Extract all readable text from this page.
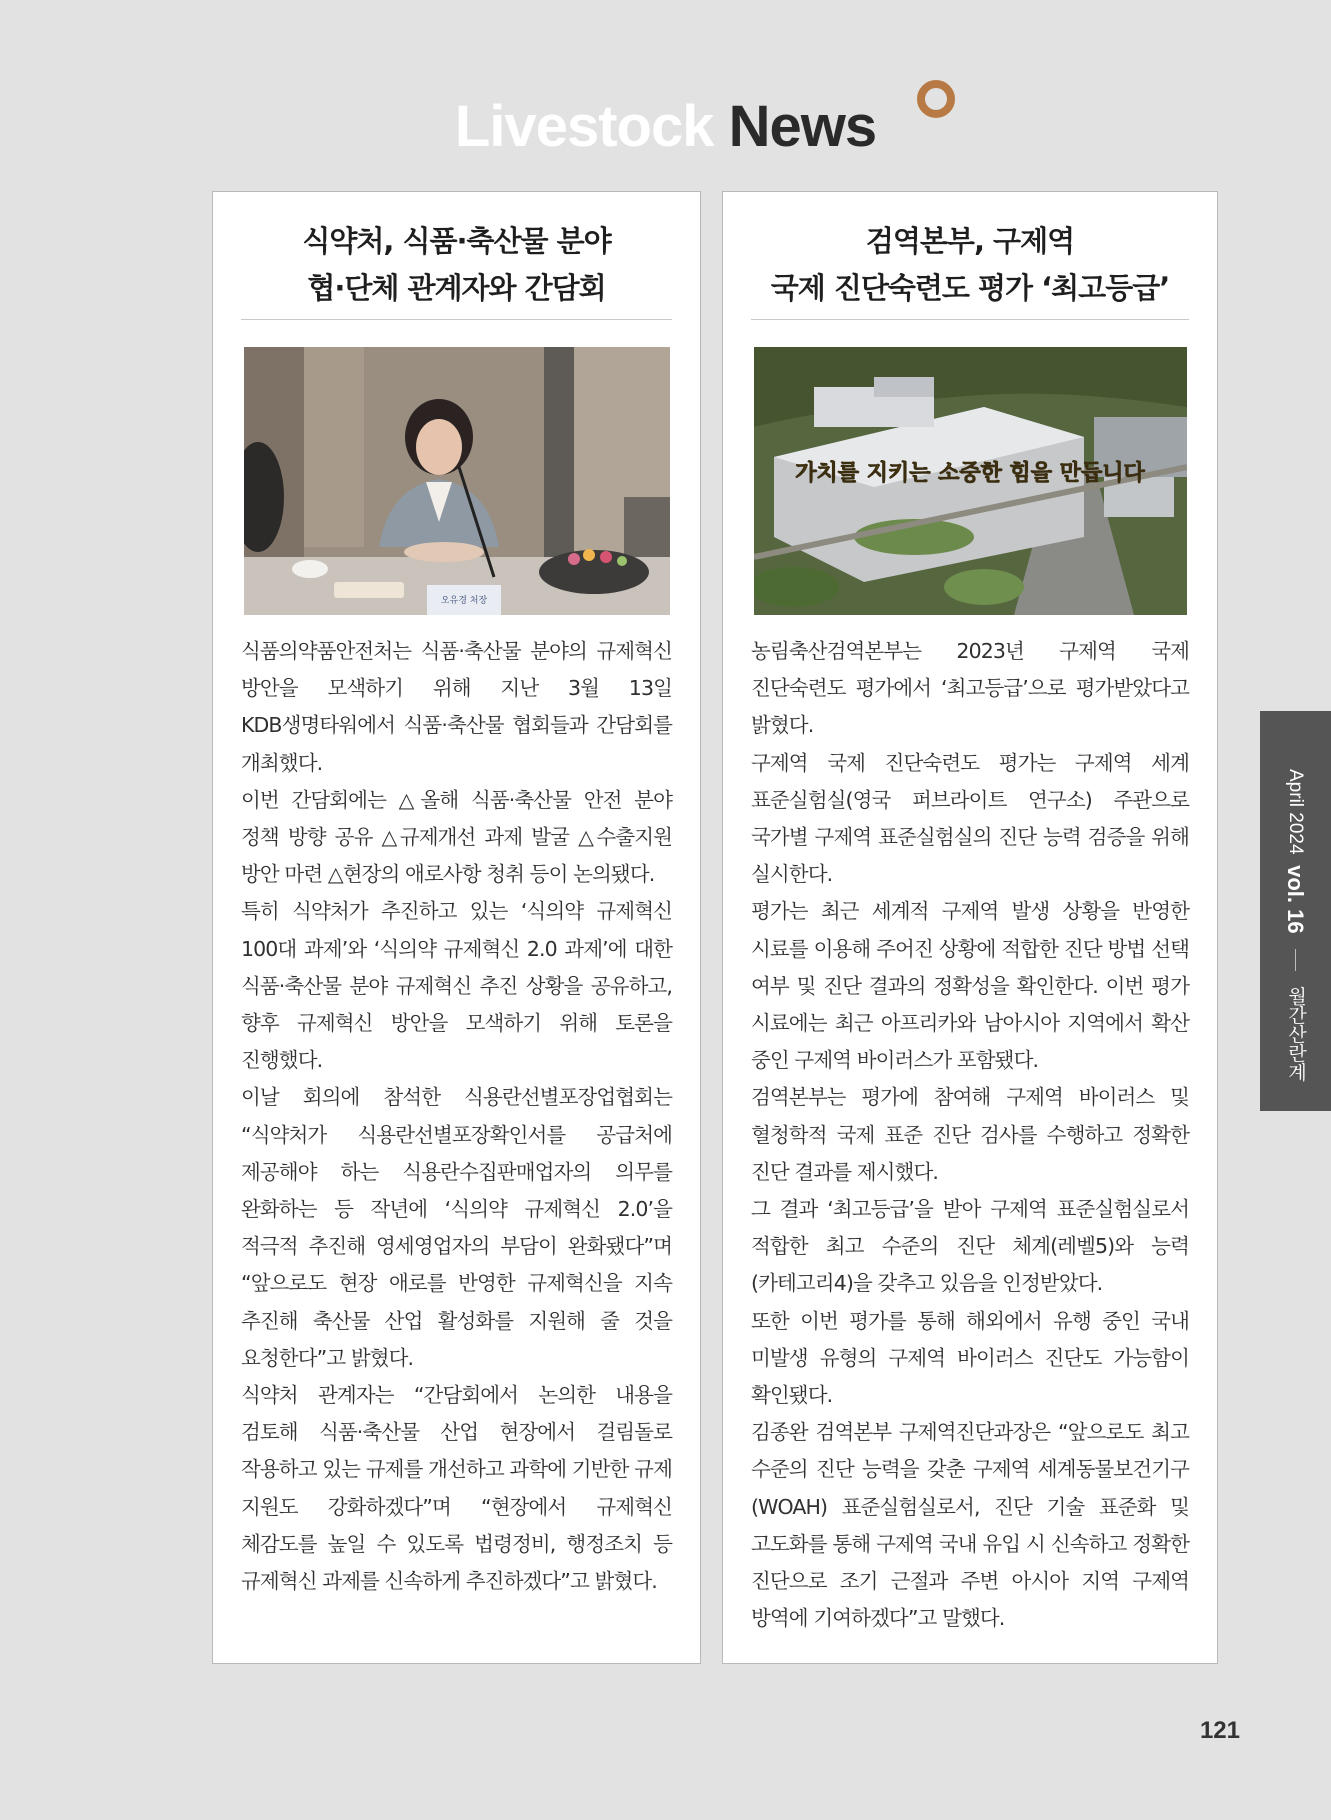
Livestock News
식약처, 식품·축산물 분야
협·단체 관계자와 간담회
오유경 처장

식품의약품안전처는 식품·축산물 분야의 규제혁신 방안을 모색하기 위해 지난 3월 13일 KDB생명타워에서 식품·축산물 협회들과 간담회를 개최했다.

이번 간담회에는 △올해 식품·축산물 안전 분야 정책 방향 공유 △규제개선 과제 발굴 △수출지원 방안 마련 △현장의 애로사항 청취 등이 논의됐다.

특히 식약처가 추진하고 있는 ‘식의약 규제혁신 100대 과제’와 ‘식의약 규제혁신 2.0 과제’에 대한 식품·축산물 분야 규제혁신 추진 상황을 공유하고, 향후 규제혁신 방안을 모색하기 위해 토론을 진행했다.

이날 회의에 참석한 식용란선별포장업협회는 “식약처가 식용란선별포장확인서를 공급처에 제공해야 하는 식용란수집판매업자의 의무를 완화하는 등 작년에 ‘식의약 규제혁신 2.0’을 적극적 추진해 영세영업자의 부담이 완화됐다”며 “앞으로도 현장 애로를 반영한 규제혁신을 지속 추진해 축산물 산업 활성화를 지원해 줄 것을 요청한다”고 밝혔다.

식약처 관계자는 “간담회에서 논의한 내용을 검토해 식품·축산물 산업 현장에서 걸림돌로 작용하고 있는 규제를 개선하고 과학에 기반한 규제 지원도 강화하겠다”며 “현장에서 규제혁신 체감도를 높일 수 있도록 법령정비, 행정조치 등 규제혁신 과제를 신속하게 추진하겠다”고 밝혔다.

검역본부, 구제역
국제 진단숙련도 평가 ‘최고등급’
가치를 지키는 소중한 힘을 만듭니다

농림축산검역본부는 2023년 구제역 국제 진단숙련도 평가에서 ‘최고등급’으로 평가받았다고 밝혔다.

구제역 국제 진단숙련도 평가는 구제역 세계 표준실험실(영국 퍼브라이트 연구소) 주관으로 국가별 구제역 표준실험실의 진단 능력 검증을 위해 실시한다.

평가는 최근 세계적 구제역 발생 상황을 반영한 시료를 이용해 주어진 상황에 적합한 진단 방법 선택 여부 및 진단 결과의 정확성을 확인한다. 이번 평가 시료에는 최근 아프리카와 남아시아 지역에서 확산 중인 구제역 바이러스가 포함됐다.

검역본부는 평가에 참여해 구제역 바이러스 및 혈청학적 국제 표준 진단 검사를 수행하고 정확한 진단 결과를 제시했다.

그 결과 ‘최고등급’을 받아 구제역 표준실험실로서 적합한 최고 수준의 진단 체계(레벨5)와 능력(카테고리4)을 갖추고 있음을 인정받았다.

또한 이번 평가를 통해 해외에서 유행 중인 국내 미발생 유형의 구제역 바이러스 진단도 가능함이 확인됐다.

김종완 검역본부 구제역진단과장은 “앞으로도 최고 수준의 진단 능력을 갖춘 구제역 세계동물보건기구(WOAH) 표준실험실로서, 진단 기술 표준화 및 고도화를 통해 구제역 국내 유입 시 신속하고 정확한 진단으로 조기 근절과 주변 아시아 지역 구제역 방역에 기여하겠다”고 말했다.

April 2024  vol. 16  월간산란계
121
